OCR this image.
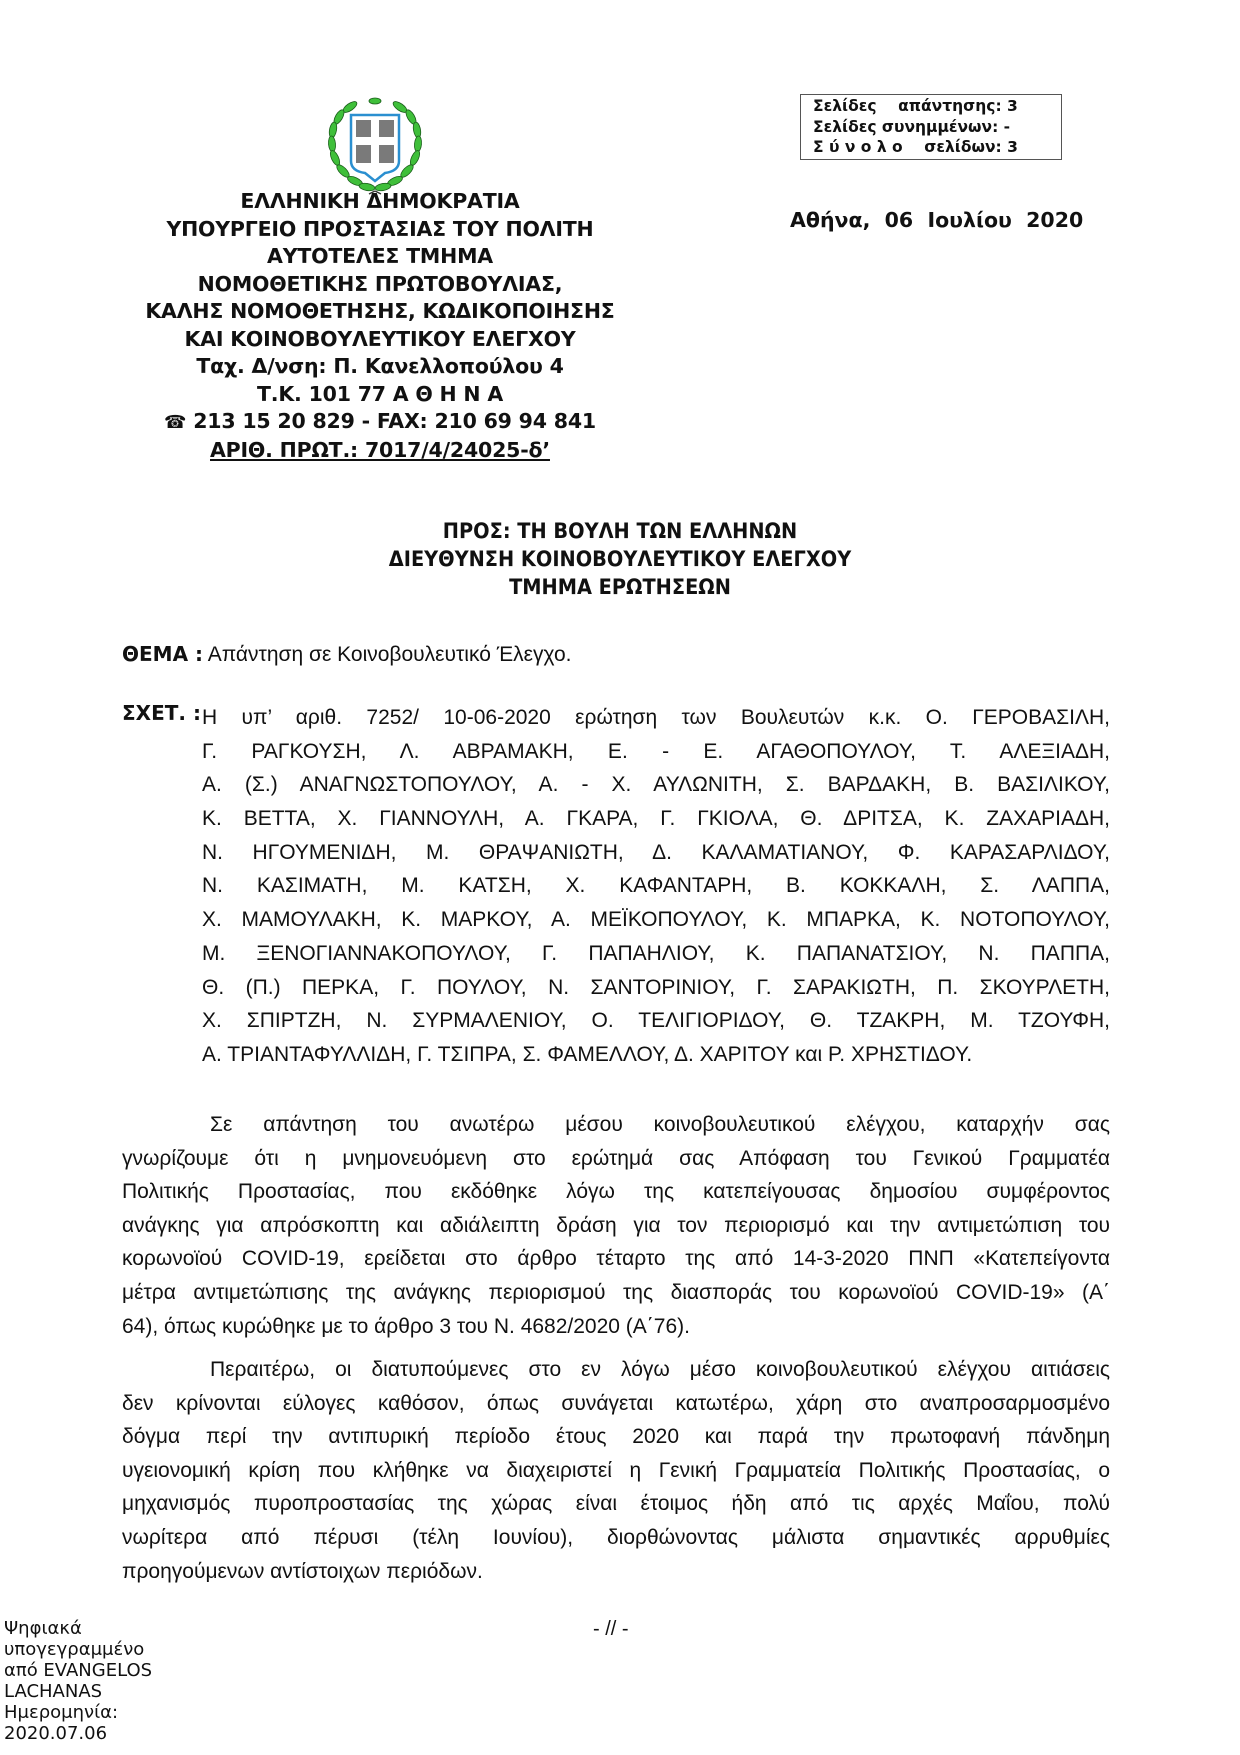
ΕΛΛΗΝΙΚΗ ΔΗΜΟΚΡΑΤΙΑ
ΥΠΟΥΡΓΕΙΟ ΠΡΟΣΤΑΣΙΑΣ ΤΟΥ ΠΟΛΙΤΗ
ΑΥΤΟΤΕΛΕΣ ΤΜΗΜΑ
ΝΟΜΟΘΕΤΙΚΗΣ ΠΡΩΤΟΒΟΥΛΙΑΣ,
ΚΑΛΗΣ ΝΟΜΟΘΕΤΗΣΗΣ, ΚΩΔΙΚΟΠΟΙΗΣΗΣ
ΚΑΙ ΚΟΙΝΟΒΟΥΛΕΥΤΙΚΟΥ ΕΛΕΓΧΟΥ
Ταχ. Δ/νση: Π. Κανελλοπούλου 4
Τ.Κ. 101 77 Α Θ Η Ν Α
☎ 213 15 20 829 - FAX: 210 69 94 841
ΑΡΙΘ. ΠΡΩΤ.: 7017/4/24025-δ’
Σελίδες    απάντησης: 3
Σελίδες συνημμένων: -
Σ ύ ν ο λ ο    σελίδων: 3
Αθήνα,  06  Ιουλίου  2020
ΠΡΟΣ: ΤΗ ΒΟΥΛΗ ΤΩΝ ΕΛΛΗΝΩΝ
ΔΙΕΥΘΥΝΣΗ ΚΟΙΝΟΒΟΥΛΕΥΤΙΚΟΥ ΕΛΕΓΧΟΥ
ΤΜΗΜΑ ΕΡΩΤΗΣΕΩΝ
ΘΕΜΑ : Απάντηση σε Κοινοβουλευτικό Έλεγχο.
ΣΧΕΤ. : Η υπ’ αριθ. 7252/ 10-06-2020 ερώτηση των Βουλευτών κ.κ. Ο. ΓΕΡΟΒΑΣΙΛΗ,
Γ. ΡΑΓΚΟΥΣΗ, Λ. ΑΒΡΑΜΑΚΗ, Ε. - Ε. ΑΓΑΘΟΠΟΥΛΟΥ, Τ. ΑΛΕΞΙΑΔΗ,
Α. (Σ.) ΑΝΑΓΝΩΣΤΟΠΟΥΛΟΥ, Α. - Χ. ΑΥΛΩΝΙΤΗ, Σ. ΒΑΡΔΑΚΗ, Β. ΒΑΣΙΛΙΚΟΥ,
Κ. ΒΕΤΤΑ, Χ. ΓΙΑΝΝΟΥΛΗ, Α. ΓΚΑΡΑ, Γ. ΓΚΙΟΛΑ, Θ. ΔΡΙΤΣΑ, Κ. ΖΑΧΑΡΙΑΔΗ,
Ν. ΗΓΟΥΜΕΝΙΔΗ, Μ. ΘΡΑΨΑΝΙΩΤΗ, Δ. ΚΑΛΑΜΑΤΙΑΝΟΥ, Φ. ΚΑΡΑΣΑΡΛΙΔΟΥ,
Ν. ΚΑΣΙΜΑΤΗ, Μ. ΚΑΤΣΗ, Χ. ΚΑΦΑΝΤΑΡΗ, Β. ΚΟΚΚΑΛΗ, Σ. ΛΑΠΠΑ,
Χ. ΜΑΜΟΥΛΑΚΗ, Κ. ΜΑΡΚΟΥ, Α. ΜΕΪΚΟΠΟΥΛΟΥ, Κ. ΜΠΑΡΚΑ, Κ. ΝΟΤΟΠΟΥΛΟΥ,
Μ. ΞΕΝΟΓΙΑΝΝΑΚΟΠΟΥΛΟΥ, Γ. ΠΑΠΑΗΛΙΟΥ, Κ. ΠΑΠΑΝΑΤΣΙΟΥ, Ν. ΠΑΠΠΑ,
Θ. (Π.) ΠΕΡΚΑ, Γ. ΠΟΥΛΟΥ, Ν. ΣΑΝΤΟΡΙΝΙΟΥ, Γ. ΣΑΡΑΚΙΩΤΗ, Π. ΣΚΟΥΡΛΕΤΗ,
Χ. ΣΠΙΡΤΖΗ, Ν. ΣΥΡΜΑΛΕΝΙΟΥ, Ο. ΤΕΛΙΓΙΟΡΙΔΟΥ, Θ. ΤΖΑΚΡΗ, Μ. ΤΖΟΥΦΗ,
Α. ΤΡΙΑΝΤΑΦΥΛΛΙΔΗ, Γ. ΤΣΙΠΡΑ, Σ. ΦΑΜΕΛΛΟΥ, Δ. ΧΑΡΙΤΟΥ και Ρ. ΧΡΗΣΤΙΔΟΥ.
Σε απάντηση του ανωτέρω μέσου κοινοβουλευτικού ελέγχου, καταρχήν σας
γνωρίζουμε ότι η μνημονευόμενη στο ερώτημά σας Απόφαση του Γενικού Γραμματέα
Πολιτικής Προστασίας, που εκδόθηκε λόγω της κατεπείγουσας δημοσίου συμφέροντος
ανάγκης για απρόσκοπτη και αδιάλειπτη δράση για τον περιορισμό και την αντιμετώπιση του
κορωνοϊού COVID-19, ερείδεται στο άρθρο τέταρτο της από 14-3-2020 ΠΝΠ «Κατεπείγοντα
μέτρα αντιμετώπισης της ανάγκης περιορισμού της διασποράς του κορωνοϊού COVID-19» (Α΄
64), όπως κυρώθηκε με το άρθρο 3 του Ν. 4682/2020 (Α΄76).
Περαιτέρω, οι διατυπούμενες στο εν λόγω μέσο κοινοβουλευτικού ελέγχου αιτιάσεις
δεν κρίνονται εύλογες καθόσον, όπως συνάγεται κατωτέρω, χάρη στο αναπροσαρμοσμένο
δόγμα περί την αντιπυρική περίοδο έτους 2020 και παρά την πρωτοφανή πάνδημη
υγειονομική κρίση που κλήθηκε να διαχειριστεί η Γενική Γραμματεία Πολιτικής Προστασίας, ο
μηχανισμός πυροπροστασίας της χώρας είναι έτοιμος ήδη από τις αρχές Μαΐου, πολύ
νωρίτερα από πέρυσι (τέλη Ιουνίου), διορθώνοντας μάλιστα σημαντικές αρρυθμίες
προηγούμενων αντίστοιχων περιόδων.
- // -
Ψηφιακά
υπογεγραμμένο
από EVANGELOS
LACHANAS
Ημερομηνία:
2020.07.06
